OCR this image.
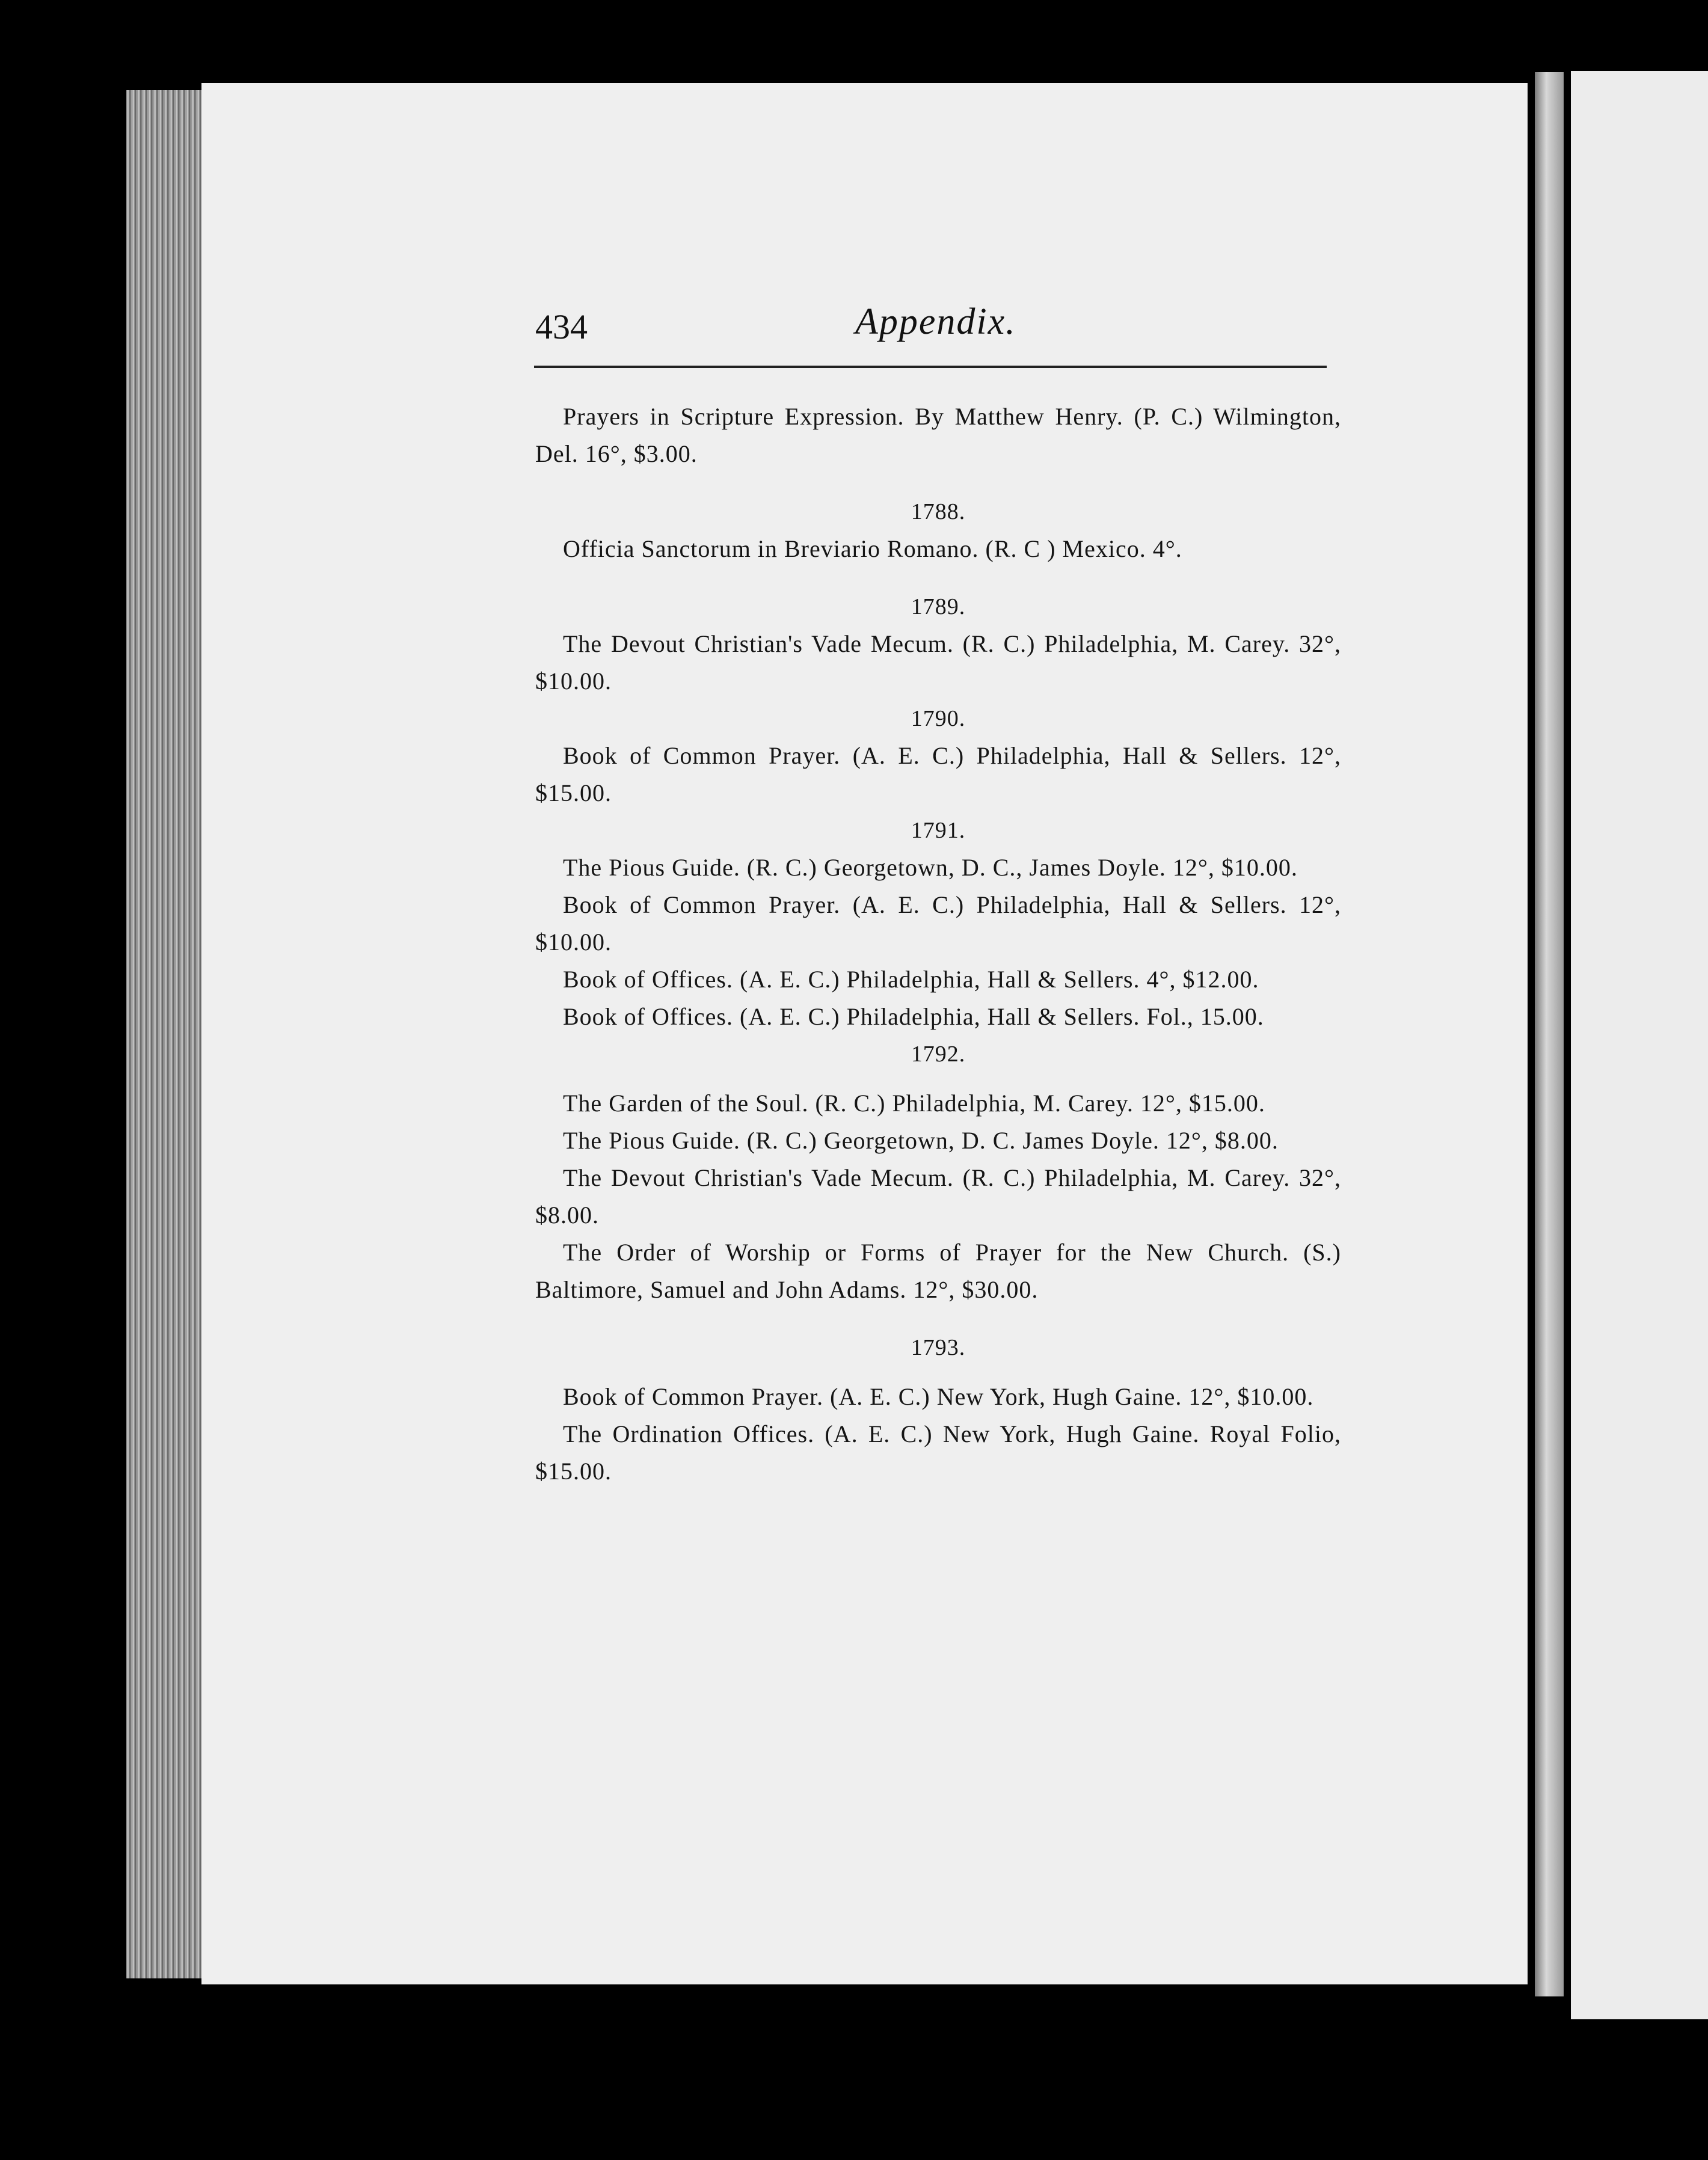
434	Appendix.

Prayers in Scripture Expression. By Matthew Henry. (P. C.) Wilmington, Del. 16°, $3.00.

1788.

Officia Sanctorum in Breviario Romano. (R. C ) Mexico. 4°.

1789.

The Devout Christian's Vade Mecum. (R. C.) Philadelphia, M. Carey. 32°, $10.00.

1790.

Book of Common Prayer. (A. E. C.) Philadelphia, Hall & Sellers. 12°, $15.00.

1791.

The Pious Guide. (R. C.) Georgetown, D. C., James Doyle. 12°, $10.00.

Book of Common Prayer. (A. E. C.) Philadelphia, Hall & Sellers. 12°, $10.00.

Book of Offices. (A. E. C.) Philadelphia, Hall & Sellers. 4°, $12.00.

Book of Offices. (A. E. C.) Philadelphia, Hall & Sellers. Fol., 15.00.

1792.

The Garden of the Soul. (R. C.) Philadelphia, M. Carey. 12°, $15.00.

The Pious Guide. (R. C.) Georgetown, D. C. James Doyle. 12°, $8.00.

The Devout Christian's Vade Mecum. (R. C.) Philadelphia, M. Carey. 32°, $8.00.

The Order of Worship or Forms of Prayer for the New Church. (S.) Baltimore, Samuel and John Adams. 12°, $30.00.

1793.

Book of Common Prayer. (A. E. C.) New York, Hugh Gaine. 12°, $10.00.

The Ordination Offices. (A. E. C.) New York, Hugh Gaine. Royal Folio, $15.00.
